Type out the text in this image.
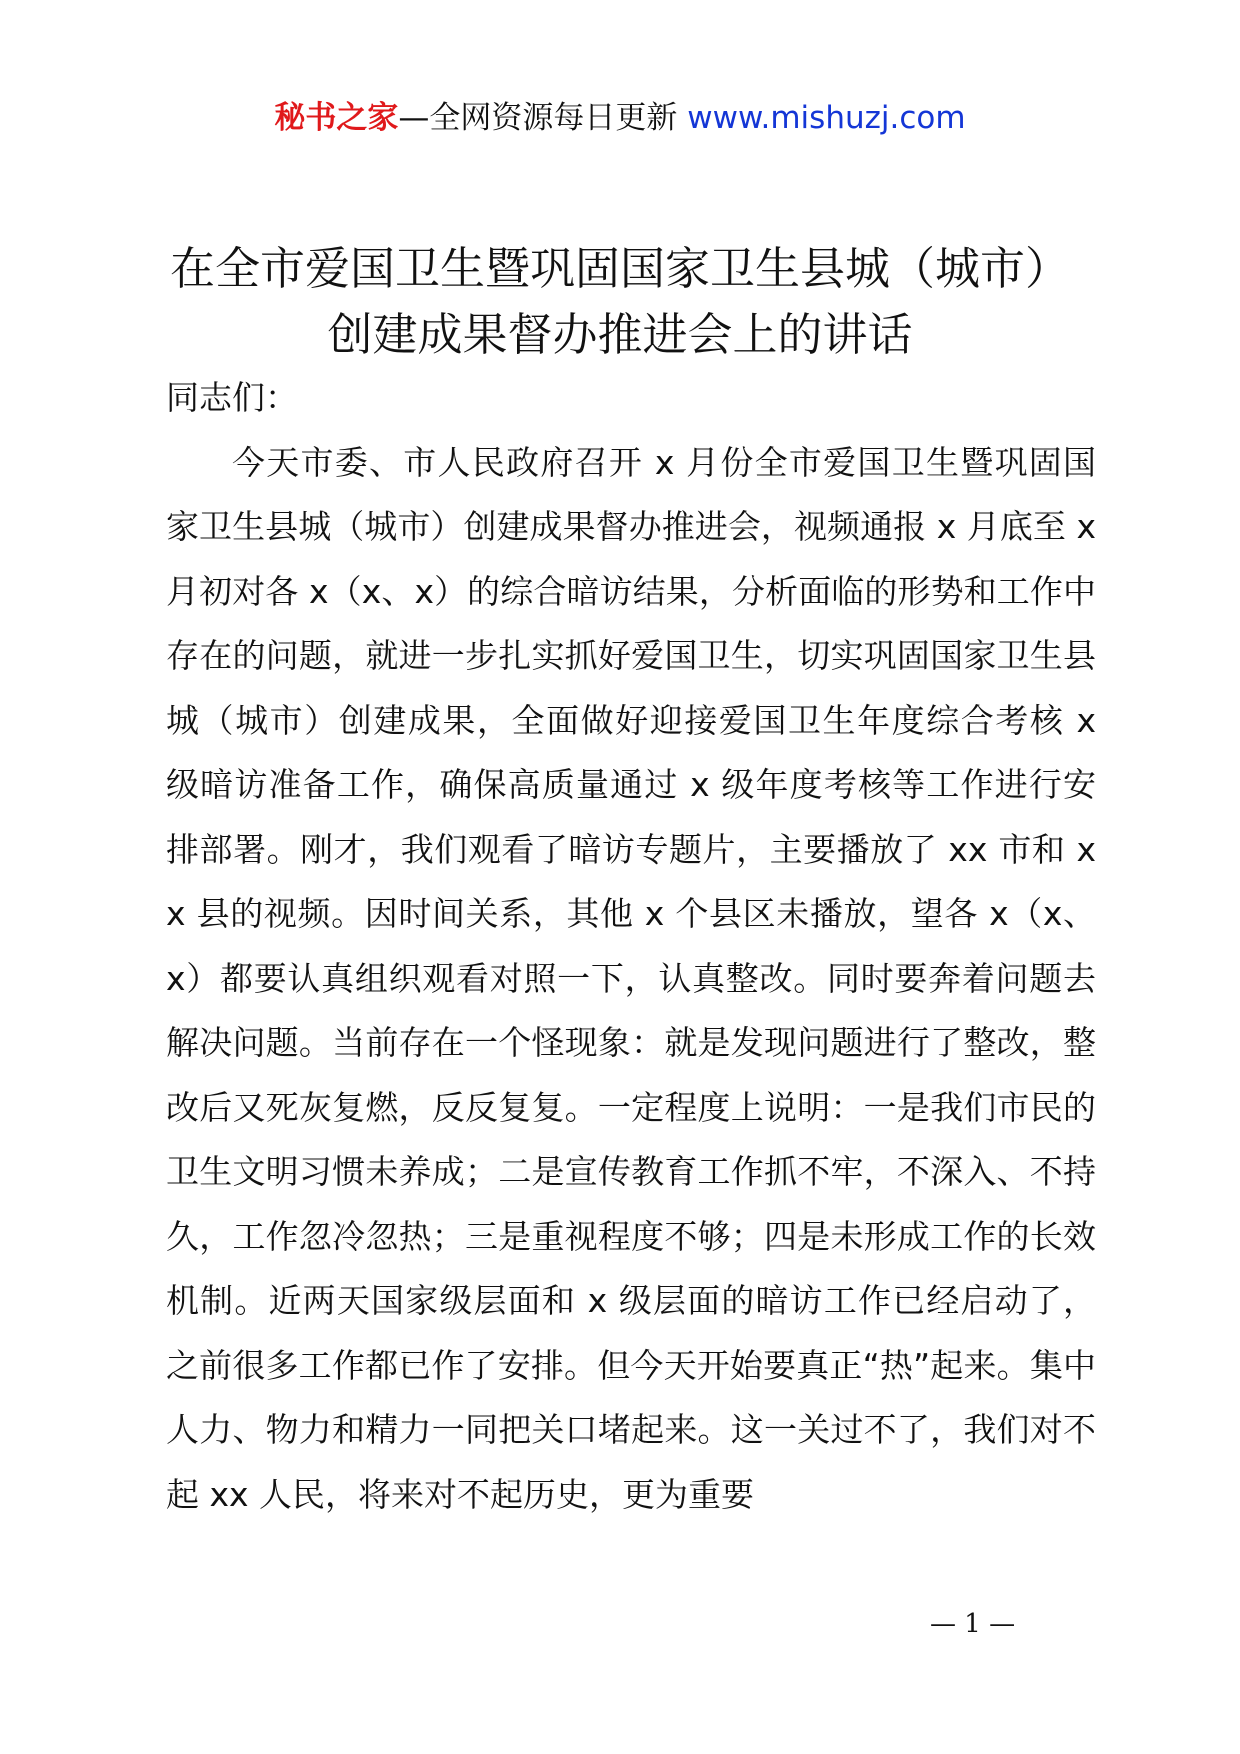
秘书之家—全网资源每日更新 www.mishuzj.com
在全市爱国卫生暨巩固国家卫生县城（城市）
创建成果督办推进会上的讲话

同志们：

今天市委、市人民政府召开 x 月份全市爱国卫生暨巩固国家卫生县城（城市）创建成果督办推进会，视频通报 x 月底至 x 月初对各 x（x、x）的综合暗访结果，分析面临的形势和工作中存在的问题，就进一步扎实抓好爱国卫生，切实巩固国家卫生县城（城市）创建成果，全面做好迎接爱国卫生年度综合考核 x 级暗访准备工作，确保高质量通过 x 级年度考核等工作进行安排部署。刚才，我们观看了暗访专题片，主要播放了 xx 市和 xx 县的视频。因时间关系，其他 x 个县区未播放，望各 x（x、x）都要认真组织观看对照一下，认真整改。同时要奔着问题去解决问题。当前存在一个怪现象：就是发现问题进行了整改，整改后又死灰复燃，反反复复。一定程度上说明：一是我们市民的卫生文明习惯未养成；二是宣传教育工作抓不牢，不深入、不持久，工作忽冷忽热；三是重视程度不够；四是未形成工作的长效机制。近两天国家级层面和 x 级层面的暗访工作已经启动了，之前很多工作都已作了安排。但今天开始要真正“热”起来。集中人力、物力和精力一同把关口堵起来。这一关过不了，我们对不起 xx 人民，将来对不起历史，更为重要

— 1 —
